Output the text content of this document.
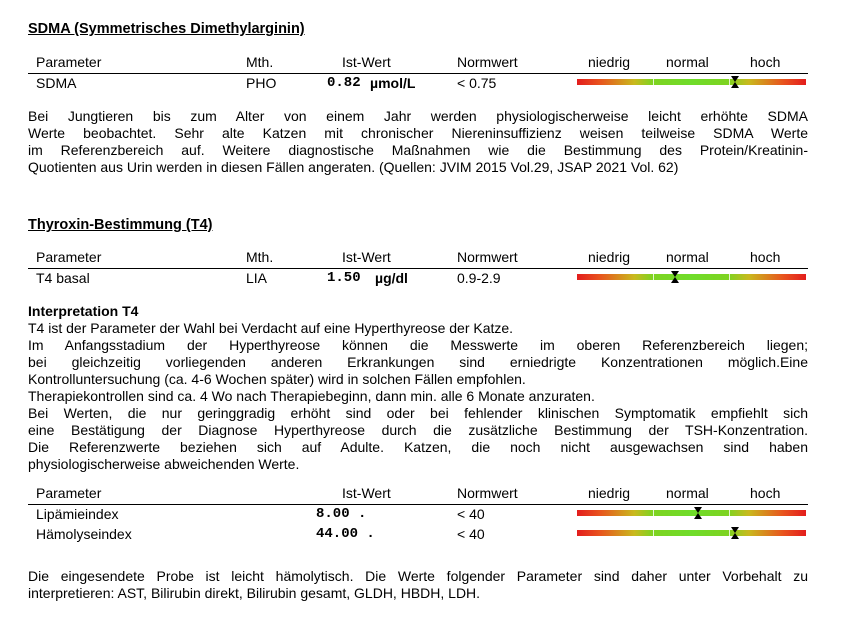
SDMA (Symmetrisches Dimethylarginin)
Parameter	Mth.	Ist-Wert	Normwert	niedrig	normal	hoch
SDMA	PHO	0.82 µmol/L	< 0.75
Bei Jungtieren bis zum Alter von einem Jahr werden physiologischerweise leicht erhöhte SDMA
Werte beobachtet. Sehr alte Katzen mit chronischer Niereninsuffizienz weisen teilweise SDMA Werte
im Referenzbereich auf. Weitere diagnostische Maßnahmen wie die Bestimmung des Protein/Kreatinin-
Quotienten aus Urin werden in diesen Fällen angeraten. (Quellen: JVIM 2015 Vol.29, JSAP 2021 Vol. 62)
Thyroxin-Bestimmung (T4)
Parameter	Mth.	Ist-Wert	Normwert	niedrig	normal	hoch
T4 basal	LIA	1.50 µg/dl	0.9-2.9
Interpretation T4
T4 ist der Parameter der Wahl bei Verdacht auf eine Hyperthyreose der Katze.
Im Anfangsstadium der Hyperthyreose können die Messwerte im oberen Referenzbereich liegen;
bei gleichzeitig vorliegenden anderen Erkrankungen sind erniedrigte Konzentrationen möglich.Eine
Kontrolluntersuchung (ca. 4-6 Wochen später) wird in solchen Fällen empfohlen.
Therapiekontrollen sind ca. 4 Wo nach Therapiebeginn, dann min. alle 6 Monate anzuraten.
Bei Werten, die nur geringgradig erhöht sind oder bei fehlender klinischen Symptomatik empfiehlt sich
eine Bestätigung der Diagnose Hyperthyreose durch die zusätzliche Bestimmung der TSH-Konzentration.
Die Referenzwerte beziehen sich auf Adulte. Katzen, die noch nicht ausgewachsen sind haben
physiologischerweise abweichenden Werte.
Parameter	Ist-Wert	Normwert	niedrig	normal	hoch
Lipämieindex	8.00 .	< 40
Hämolyseindex	44.00 .	< 40
Die eingesendete Probe ist leicht hämolytisch. Die Werte folgender Parameter sind daher unter Vorbehalt zu
interpretieren: AST, Bilirubin direkt, Bilirubin gesamt, GLDH, HBDH, LDH.
